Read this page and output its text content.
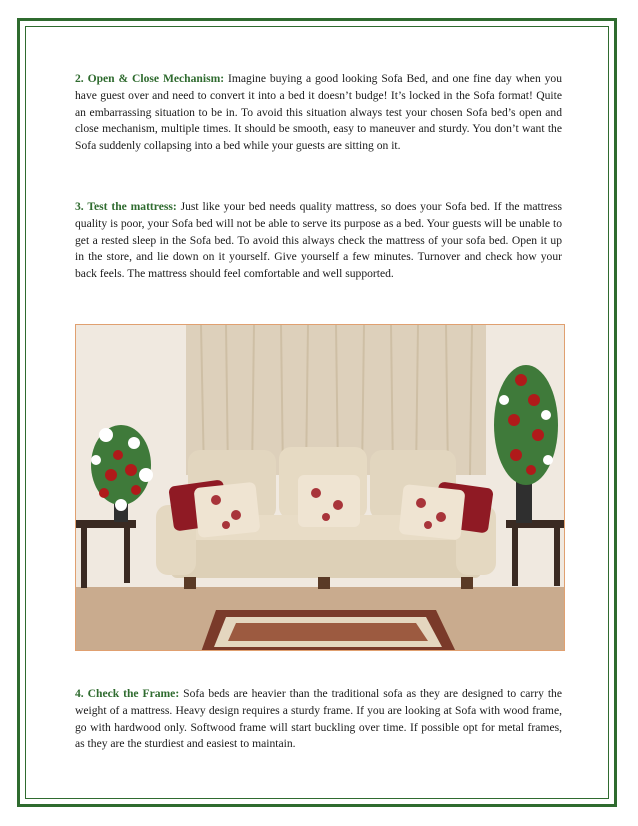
2. Open & Close Mechanism: Imagine buying a good looking Sofa Bed, and one fine day when you have guest over and need to convert it into a bed it doesn’t budge! It’s locked in the Sofa format! Quite an embarrassing situation to be in. To avoid this situation always test your chosen Sofa bed’s open and close mechanism, multiple times. It should be smooth, easy to maneuver and sturdy. You don’t want the Sofa suddenly collapsing into a bed while your guests are sitting on it.

3. Test the mattress: Just like your bed needs quality mattress, so does your Sofa bed. If the mattress quality is poor, your Sofa bed will not be able to serve its purpose as a bed. Your guests will be unable to get a rested sleep in the Sofa bed. To avoid this always check the mattress of your sofa bed. Open it up in the store, and lie down on it yourself. Give yourself a few minutes. Turnover and check how your back feels. The mattress should feel comfortable and well supported.

4. Check the Frame: Sofa beds are heavier than the traditional sofa as they are designed to carry the weight of a mattress. Heavy design requires a sturdy frame. If you are looking at Sofa with wood frame, go with hardwood only. Softwood frame will start buckling over time. If possible opt for metal frames, as they are the sturdiest and easiest to maintain.
